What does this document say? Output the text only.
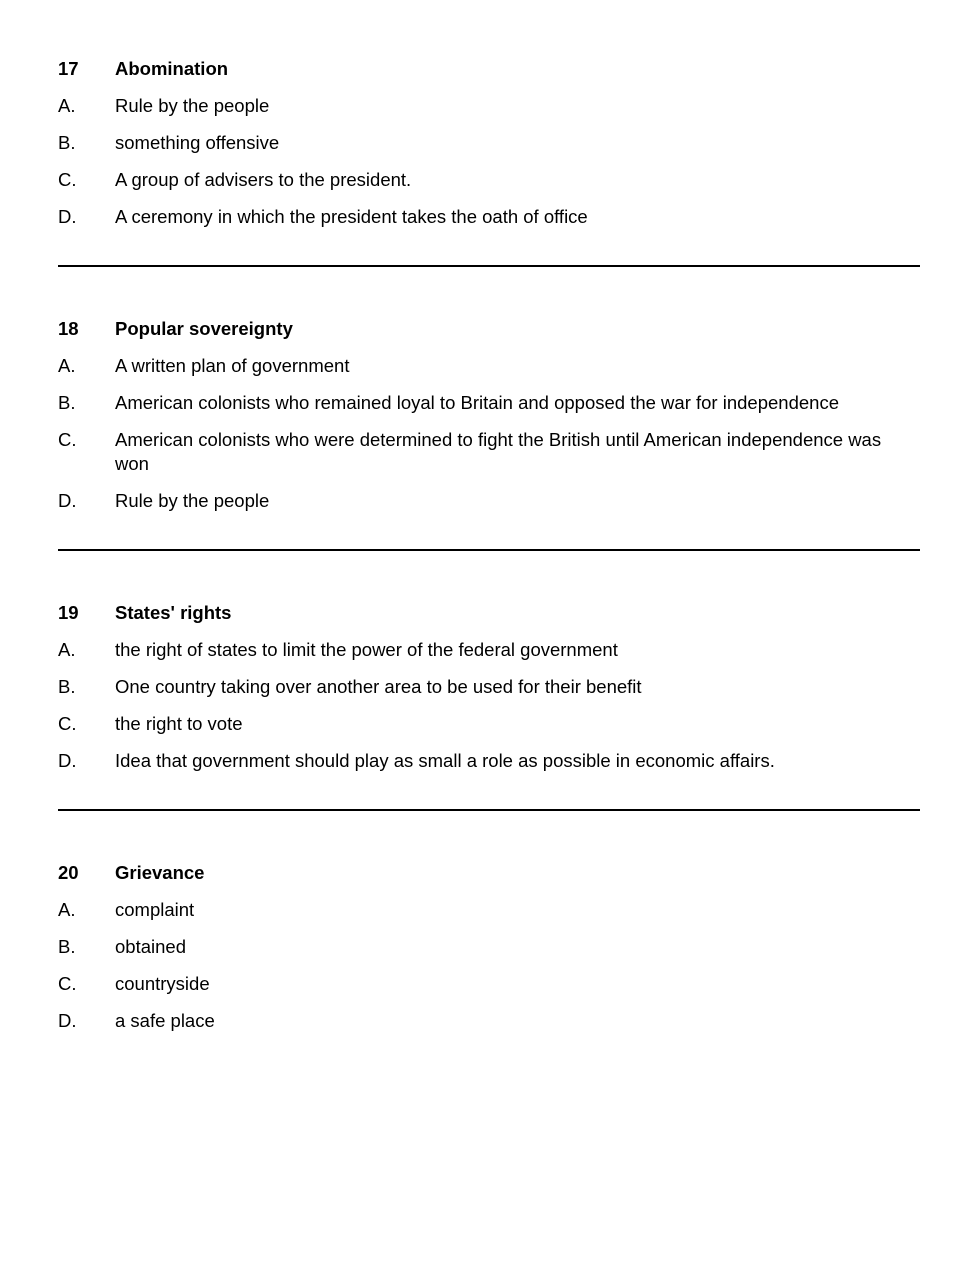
17	Abomination
A.	Rule by the people
B.	something offensive
C.	A group of advisers to the president.
D.	A ceremony in which the president takes the oath of office
18	Popular sovereignty
A.	A written plan of government
B.	American colonists who remained loyal to Britain and opposed the war for independence
C.	American colonists who were determined to fight the British until American independence was won
D.	Rule by the people
19	States' rights
A.	the right of states to limit the power of the federal government
B.	One country taking over another area to be used for their benefit
C.	the right to vote
D.	Idea that government should play as small a role as possible in economic affairs.
20	Grievance
A.	complaint
B.	obtained
C.	countryside
D.	a safe place
